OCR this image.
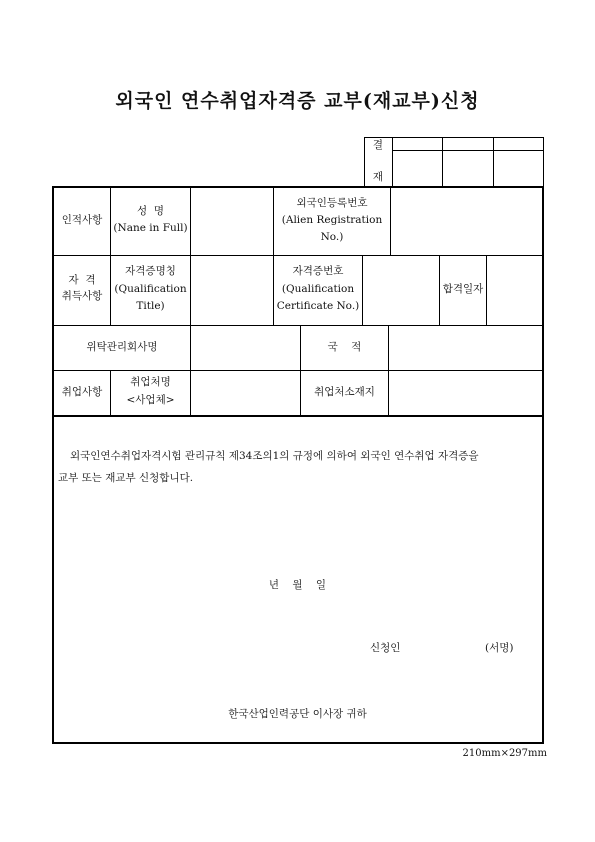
외국인 연수취업자격증 교부(재교부)신청
결
재
인적사항
성  명
(Nane in Full)
외국인등록번호
(Alien Registration
No.)
자  격
취득사항
자격증명칭
(Qualification
Title)
자격증번호
(Qualification
Certificate No.)
합격일자
위탁관리회사명	국    적
취업사항
취업처명
<사업체>
취업처소재지
외국인연수취업자격시험 관리규칙 제34조의1의 규정에 의하여 외국인 연수취업 자격증을
교부 또는 재교부 신청합니다.
년    월    일
신청인	(서명)
한국산업인력공단 이사장 귀하
210mm×297mm
